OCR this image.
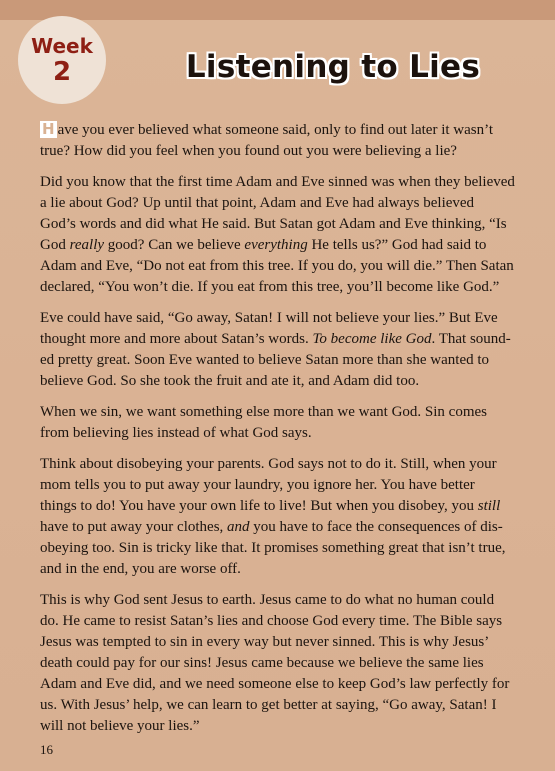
Week
2	Listening to Lies

H ave you ever believed what someone said, only to find out later it wasn’t
true? How did you feel when you found out you were believing a lie?

Did you know that the first time Adam and Eve sinned was when they believed
a lie about God? Up until that point, Adam and Eve had always believed
God’s words and did what He said. But Satan got Adam and Eve thinking, “Is
God really good? Can we believe everything He tells us?” God had said to
Adam and Eve, “Do not eat from this tree. If you do, you will die.” Then Satan
declared, “You won’t die. If you eat from this tree, you’ll become like God.”

Eve could have said, “Go away, Satan! I will not believe your lies.” But Eve
thought more and more about Satan’s words. To become like God. That sound-
ed pretty great. Soon Eve wanted to believe Satan more than she wanted to
believe God. So she took the fruit and ate it, and Adam did too.

When we sin, we want something else more than we want God. Sin comes
from believing lies instead of what God says.

Think about disobeying your parents. God says not to do it. Still, when your
mom tells you to put away your laundry, you ignore her. You have better
things to do! You have your own life to live! But when you disobey, you still
have to put away your clothes, and you have to face the consequences of dis-
obeying too. Sin is tricky like that. It promises something great that isn’t true,
and in the end, you are worse off.

This is why God sent Jesus to earth. Jesus came to do what no human could
do. He came to resist Satan’s lies and choose God every time. The Bible says
Jesus was tempted to sin in every way but never sinned. This is why Jesus’
death could pay for our sins! Jesus came because we believe the same lies
Adam and Eve did, and we need someone else to keep God’s law perfectly for
us. With Jesus’ help, we can learn to get better at saying, “Go away, Satan! I
will not believe your lies.”

16
